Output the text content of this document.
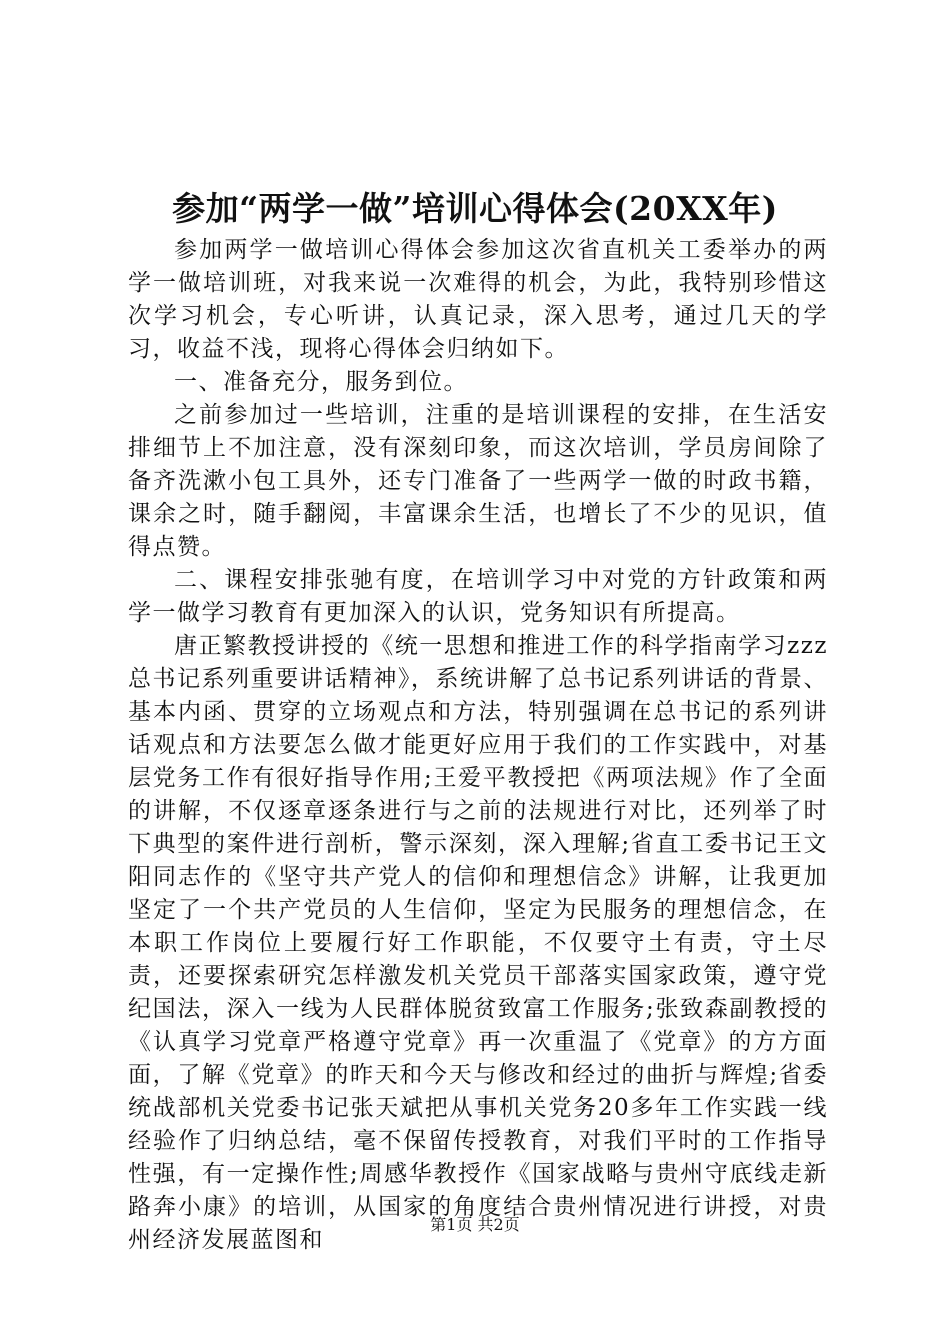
参加“两学一做”培训心得体会(20XX年)

参加两学一做培训心得体会参加这次省直机关工委举办的两学一做培训班，对我来说一次难得的机会，为此，我特别珍惜这次学习机会，专心听讲，认真记录，深入思考，通过几天的学习，收益不浅，现将心得体会归纳如下。

一、准备充分，服务到位。

之前参加过一些培训，注重的是培训课程的安排，在生活安排细节上不加注意，没有深刻印象，而这次培训，学员房间除了备齐洗漱小包工具外，还专门准备了一些两学一做的时政书籍，课余之时，随手翻阅，丰富课余生活，也增长了不少的见识，值得点赞。

二、课程安排张驰有度，在培训学习中对党的方针政策和两学一做学习教育有更加深入的认识，党务知识有所提高。

唐正繁教授讲授的《统一思想和推进工作的科学指南学习zzz总书记系列重要讲话精神》，系统讲解了总书记系列讲话的背景、基本内函、贯穿的立场观点和方法，特别强调在总书记的系列讲话观点和方法要怎么做才能更好应用于我们的工作实践中，对基层党务工作有很好指导作用;王爱平教授把《两项法规》作了全面的讲解，不仅逐章逐条进行与之前的法规进行对比，还列举了时下典型的案件进行剖析，警示深刻，深入理解;省直工委书记王文阳同志作的《坚守共产党人的信仰和理想信念》讲解，让我更加坚定了一个共产党员的人生信仰，坚定为民服务的理想信念，在本职工作岗位上要履行好工作职能，不仅要守土有责，守土尽责，还要探索研究怎样激发机关党员干部落实国家政策，遵守党纪国法，深入一线为人民群体脱贫致富工作服务;张致森副教授的《认真学习党章严格遵守党章》再一次重温了《党章》的方方面面，了解《党章》的昨天和今天与修改和经过的曲折与辉煌;省委统战部机关党委书记张天斌把从事机关党务20多年工作实践一线经验作了归纳总结，毫不保留传授教育，对我们平时的工作指导性强，有一定操作性;周感华教授作《国家战略与贵州守底线走新路奔小康》的培训，从国家的角度结合贵州情况进行讲授，对贵州经济发展蓝图和

第1页 共2页
